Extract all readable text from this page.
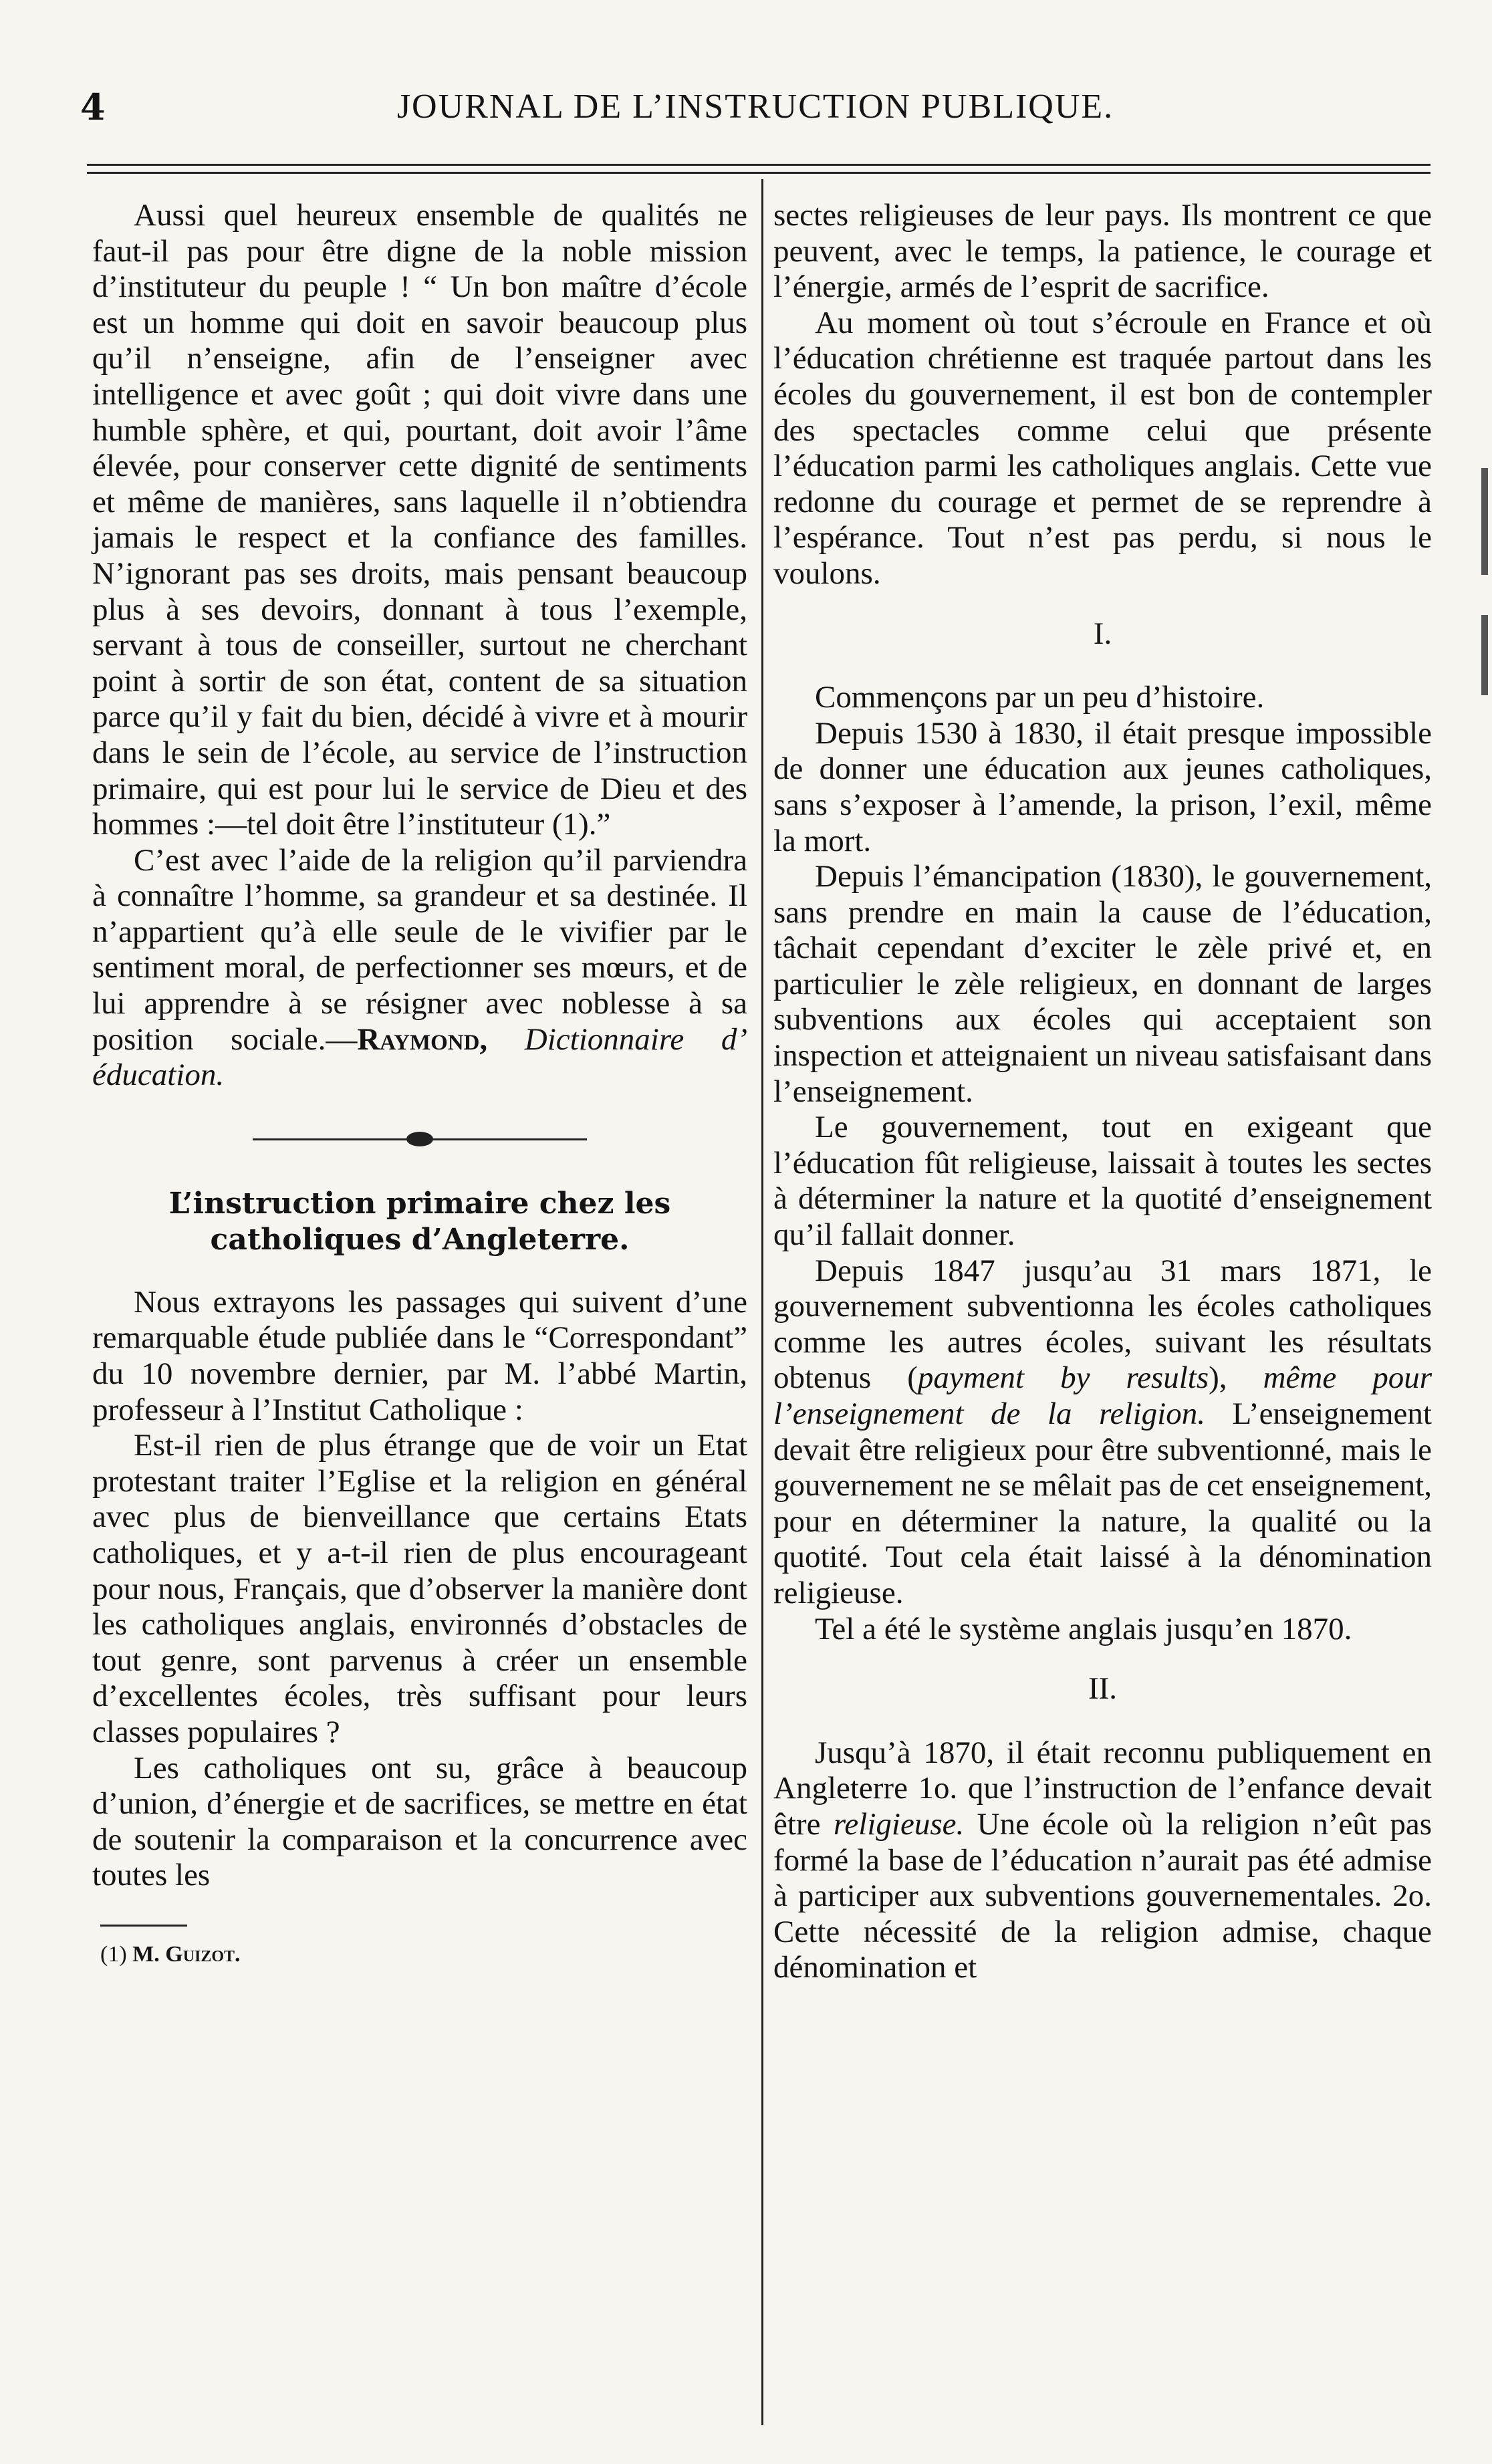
4	JOURNAL DE L’INSTRUCTION PUBLIQUE.

Aussi quel heureux ensemble de qualités ne faut-il pas pour être digne de la noble mission d’instituteur du peuple ! “ Un bon maître d’école est un homme qui doit en savoir beaucoup plus qu’il n’enseigne, afin de l’enseigner avec intelligence et avec goût ; qui doit vivre dans une humble sphère, et qui, pourtant, doit avoir l’âme élevée, pour conserver cette dignité de sentiments et même de manières, sans laquelle il n’obtiendra jamais le respect et la confiance des familles. N’ignorant pas ses droits, mais pensant beaucoup plus à ses devoirs, donnant à tous l’exemple, servant à tous de conseiller, surtout ne cherchant point à sortir de son état, content de sa situation parce qu’il y fait du bien, décidé à vivre et à mourir dans le sein de l’école, au service de l’instruction primaire, qui est pour lui le service de Dieu et des hommes :—tel doit être l’instituteur (1).”

C’est avec l’aide de la religion qu’il parviendra à connaître l’homme, sa grandeur et sa destinée. Il n’appartient qu’à elle seule de le vivifier par le sentiment moral, de perfectionner ses mœurs, et de lui apprendre à se résigner avec noblesse à sa position sociale.—Raymond, Dictionnaire d’ éducation.

L’instruction primaire chez les catholiques d’Angleterre.

Nous extrayons les passages qui suivent d’une remarquable étude publiée dans le “Correspondant” du 10 novembre dernier, par M. l’abbé Martin, professeur à l’Institut Catholique :

Est-il rien de plus étrange que de voir un Etat protestant traiter l’Eglise et la religion en général avec plus de bienveillance que certains Etats catholiques, et y a-t-il rien de plus encourageant pour nous, Français, que d’observer la manière dont les catholiques anglais, environnés d’obstacles de tout genre, sont parvenus à créer un ensemble d’excellentes écoles, très suffisant pour leurs classes populaires ?

Les catholiques ont su, grâce à beaucoup d’union, d’énergie et de sacrifices, se mettre en état de soutenir la comparaison et la concurrence avec toutes les

(1) M. Guizot.

sectes religieuses de leur pays. Ils montrent ce que peuvent, avec le temps, la patience, le courage et l’énergie, armés de l’esprit de sacrifice.

Au moment où tout s’écroule en France et où l’éducation chrétienne est traquée partout dans les écoles du gouvernement, il est bon de contempler des spectacles comme celui que présente l’éducation parmi les catholiques anglais. Cette vue redonne du courage et permet de se reprendre à l’espérance. Tout n’est pas perdu, si nous le voulons.

I.

Commençons par un peu d’histoire.

Depuis 1530 à 1830, il était presque impossible de donner une éducation aux jeunes catholiques, sans s’exposer à l’amende, la prison, l’exil, même la mort.

Depuis l’émancipation (1830), le gouvernement, sans prendre en main la cause de l’éducation, tâchait cependant d’exciter le zèle privé et, en particulier le zèle religieux, en donnant de larges subventions aux écoles qui acceptaient son inspection et atteignaient un niveau satisfaisant dans l’enseignement.

Le gouvernement, tout en exigeant que l’éducation fût religieuse, laissait à toutes les sectes à déterminer la nature et la quotité d’enseignement qu’il fallait donner.

Depuis 1847 jusqu’au 31 mars 1871, le gouvernement subventionna les écoles catholiques comme les autres écoles, suivant les résultats obtenus (payment by results), même pour l’enseignement de la religion. L’enseignement devait être religieux pour être subventionné, mais le gouvernement ne se mêlait pas de cet enseignement, pour en déterminer la nature, la qualité ou la quotité. Tout cela était laissé à la dénomination religieuse.

Tel a été le système anglais jusqu’en 1870.

II.

Jusqu’à 1870, il était reconnu publiquement en Angleterre 1o. que l’instruction de l’enfance devait être religieuse. Une école où la religion n’eût pas formé la base de l’éducation n’aurait pas été admise à participer aux subventions gouvernementales. 2o. Cette nécessité de la religion admise, chaque dénomination et
